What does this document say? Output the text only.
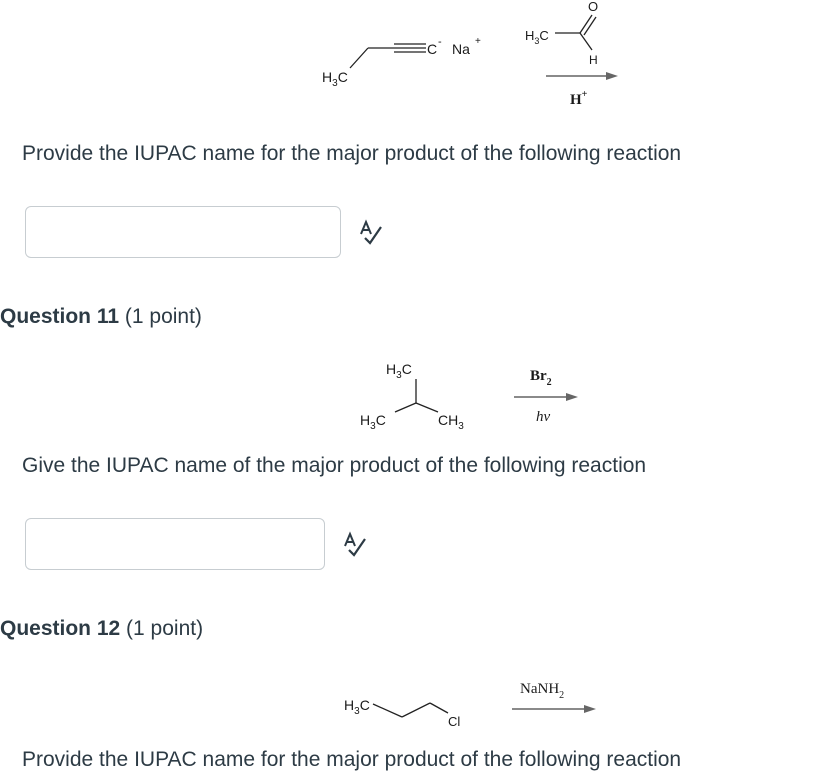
$H_3C$
C - Na +	$H_3C$
O
H
H+
Provide the IUPAC name for the major product of the following reaction
Question 11 (1 point)
$H_3C$
$H_3C$	$CH_3$
$Br_2$
hv
Give the IUPAC name of the major product of the following reaction
Question 12 (1 point)
$H_3C$
Cl
NaNH$_2$
Provide the IUPAC name for the major product of the following reaction
